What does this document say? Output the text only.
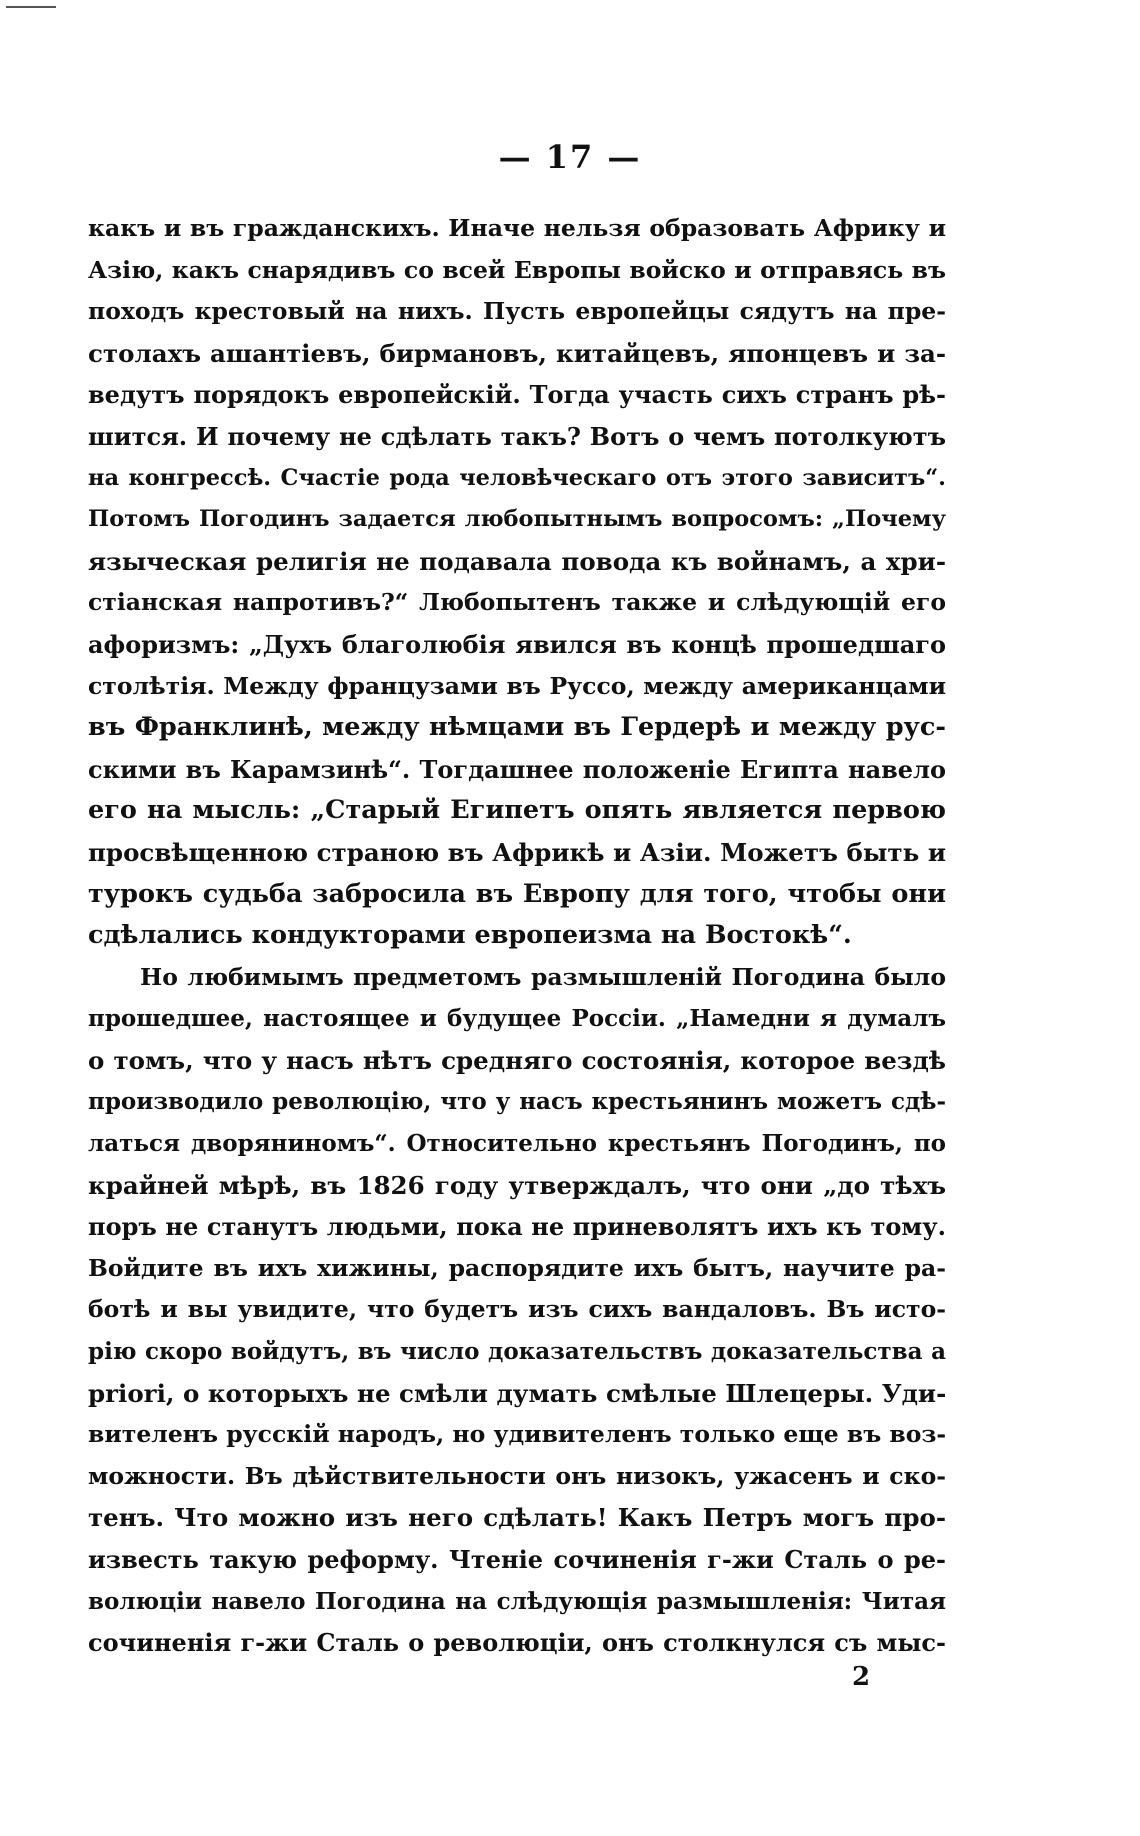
— 17 —
какъ и въ гражданскихъ. Иначе нельзя образовать Африку и
Азію, какъ снарядивъ со всей Европы войско и отправясь въ
походъ крестовый на нихъ. Пусть европейцы сядутъ на пре-
столахъ ашантіевъ, бирмановъ, китайцевъ, японцевъ и за-
ведутъ порядокъ европейскій. Тогда участь сихъ странъ рѣ-
шится. И почему не сдѣлать такъ? Вотъ о чемъ потолкуютъ
на конгрессѣ. Счастіе рода человѣческаго отъ этого зависитъ“.
Потомъ Погодинъ задается любопытнымъ вопросомъ: „Почему
языческая религія не подавала повода къ войнамъ, а хри-
стіанская напротивъ?“ Любопытенъ также и слѣдующій его
афоризмъ: „Духъ благолюбія явился въ концѣ прошедшаго
столѣтія. Между французами въ Руссо, между американцами
въ Франклинѣ, между нѣмцами въ Гердерѣ и между рус-
скими въ Карамзинѣ“. Тогдашнее положеніе Египта навело
его на мысль: „Старый Египетъ опять является первою
просвѣщенною страною въ Африкѣ и Азіи. Можетъ быть и
турокъ судьба забросила въ Европу для того, чтобы они
сдѣлались кондукторами европеизма на Востокѣ“.
Но любимымъ предметомъ размышленій Погодина было
прошедшее, настоящее и будущее Россіи. „Намедни я думалъ
о томъ, что у насъ нѣтъ средняго состоянія, которое вездѣ
производило революцію, что у насъ крестьянинъ можетъ сдѣ-
латься дворяниномъ“. Относительно крестьянъ Погодинъ, по
крайней мѣрѣ, въ 1826 году утверждалъ, что они „до тѣхъ
поръ не станутъ людьми, пока не приневолятъ ихъ къ тому.
Войдите въ ихъ хижины, распорядите ихъ бытъ, научите ра-
ботѣ и вы увидите, что будетъ изъ сихъ вандаловъ. Въ исто-
рію скоро войдутъ, въ число доказательствъ доказательства a
priori, о которыхъ не смѣли думать смѣлые Шлецеры. Уди-
вителенъ русскій народъ, но удивителенъ только еще въ воз-
можности. Въ дѣйствительности онъ низокъ, ужасенъ и ско-
тенъ. Что можно изъ него сдѣлать! Какъ Петръ могъ про-
известь такую реформу. Чтеніе сочиненія г-жи Сталь о ре-
волюціи навело Погодина на слѣдующія размышленія: Читая
сочиненія г-жи Сталь о революціи, онъ столкнулся съ мыс-
2
